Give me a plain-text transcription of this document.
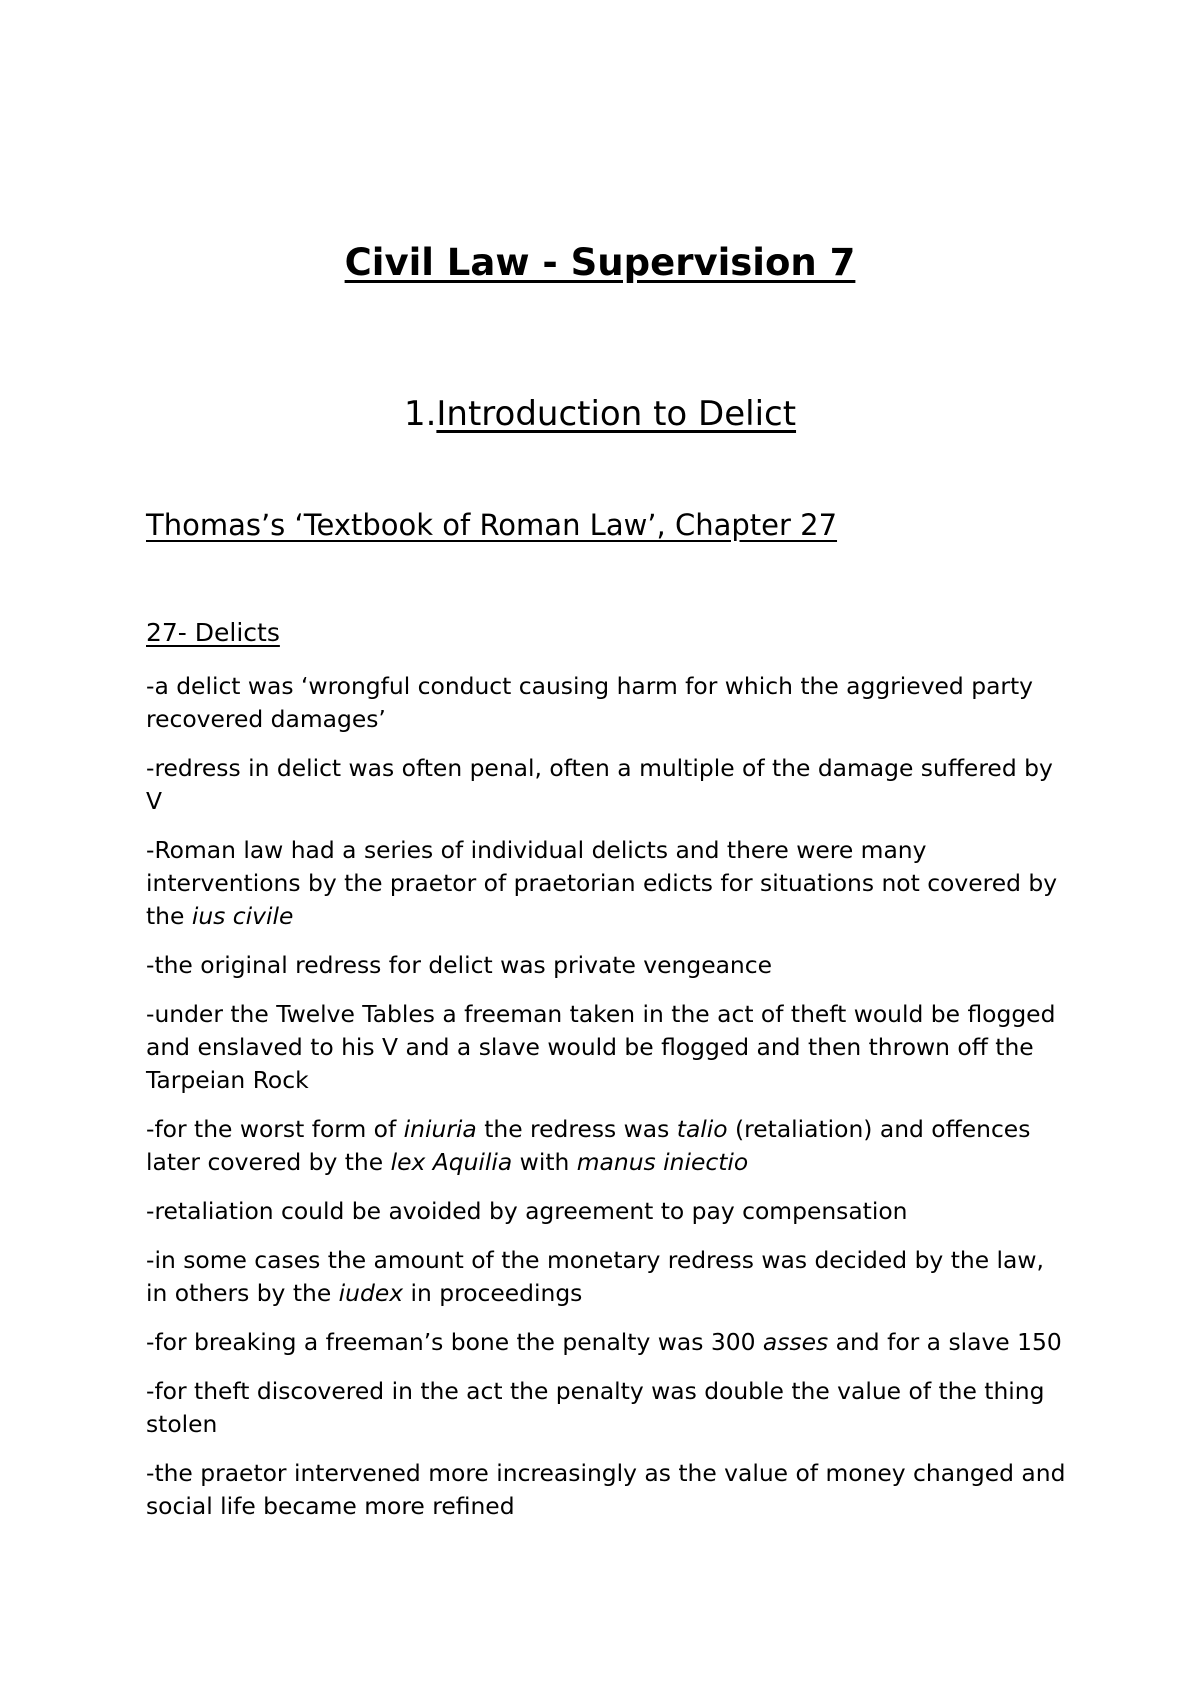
Civil Law - Supervision 7
1.Introduction to Delict
Thomas’s ‘Textbook of Roman Law’, Chapter 27
27- Delicts
-a delict was ‘wrongful conduct causing harm for which the aggrieved party recovered damages’
-redress in delict was often penal, often a multiple of the damage suffered by V
-Roman law had a series of individual delicts and there were many interventions by the praetor of praetorian edicts for situations not covered by the ius civile
-the original redress for delict was private vengeance
-under the Twelve Tables a freeman taken in the act of theft would be flogged and enslaved to his V and a slave would be flogged and then thrown off the Tarpeian Rock
-for the worst form of iniuria the redress was talio (retaliation) and offences later covered by the lex Aquilia with manus iniectio
-retaliation could be avoided by agreement to pay compensation
-in some cases the amount of the monetary redress was decided by the law, in others by the iudex in proceedings
-for breaking a freeman’s bone the penalty was 300 asses and for a slave 150
-for theft discovered in the act the penalty was double the value of the thing stolen
-the praetor intervened more increasingly as the value of money changed and social life became more refined
